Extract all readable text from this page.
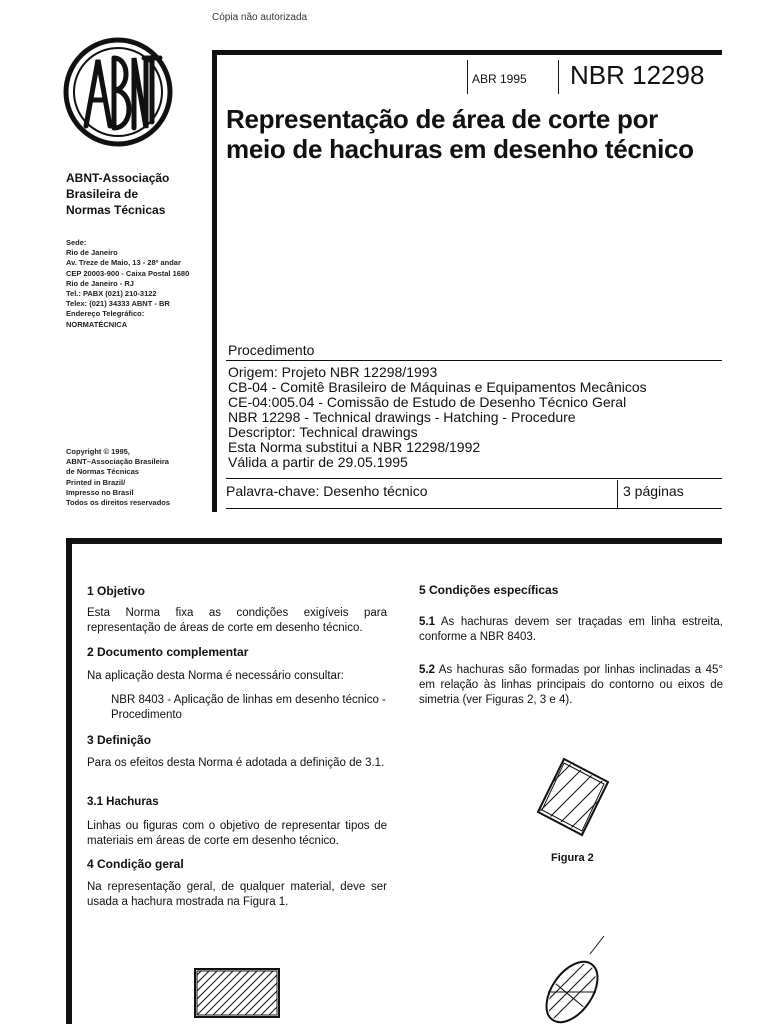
Cópia não autorizada
ABNT-Associação
Brasileira de
Normas Técnicas
Sede:
Rio de Janeiro
Av. Treze de Maio, 13 - 28º andar
CEP 20003-900 - Caixa Postal 1680
Rio de Janeiro - RJ
Tel.: PABX (021) 210-3122
Telex: (021) 34333 ABNT - BR
Endereço Telegráfico:
NORMATÉCNICA
Copyright © 1995,
ABNT–Associação Brasileira
de Normas Técnicas
Printed in Brazil/
Impresso no Brasil
Todos os direitos reservados
ABR 1995 NBR 12298
Representação de área de corte por
meio de hachuras em desenho técnico
Procedimento
Origem: Projeto NBR 12298/1993
CB-04 - Comitê Brasileiro de Máquinas e Equipamentos Mecânicos
CE-04:005.04 - Comissão de Estudo de Desenho Técnico Geral
NBR 12298 - Technical drawings - Hatching - Procedure
Descriptor: Technical drawings
Esta Norma substitui a NBR 12298/1992
Válida a partir de 29.05.1995
Palavra-chave: Desenho técnico	3 páginas
1 Objetivo
Esta Norma fixa as condições exigíveis para representação de áreas de corte em desenho técnico.
2 Documento complementar
Na aplicação desta Norma é necessário consultar:
NBR 8403 - Aplicação de linhas em desenho técnico - Procedimento
3 Definição
Para os efeitos desta Norma é adotada a definição de 3.1.
3.1 Hachuras
Linhas ou figuras com o objetivo de representar tipos de materiais em áreas de corte em desenho técnico.
4 Condição geral
Na representação geral, de qualquer material, deve ser usada a hachura mostrada na Figura 1.
5 Condições específicas
5.1 As hachuras devem ser traçadas em linha estreita, conforme a NBR 8403.
5.2 As hachuras são formadas por linhas inclinadas a 45° em relação às linhas principais do contorno ou eixos de simetria (ver Figuras 2, 3 e 4).
Figura 2
